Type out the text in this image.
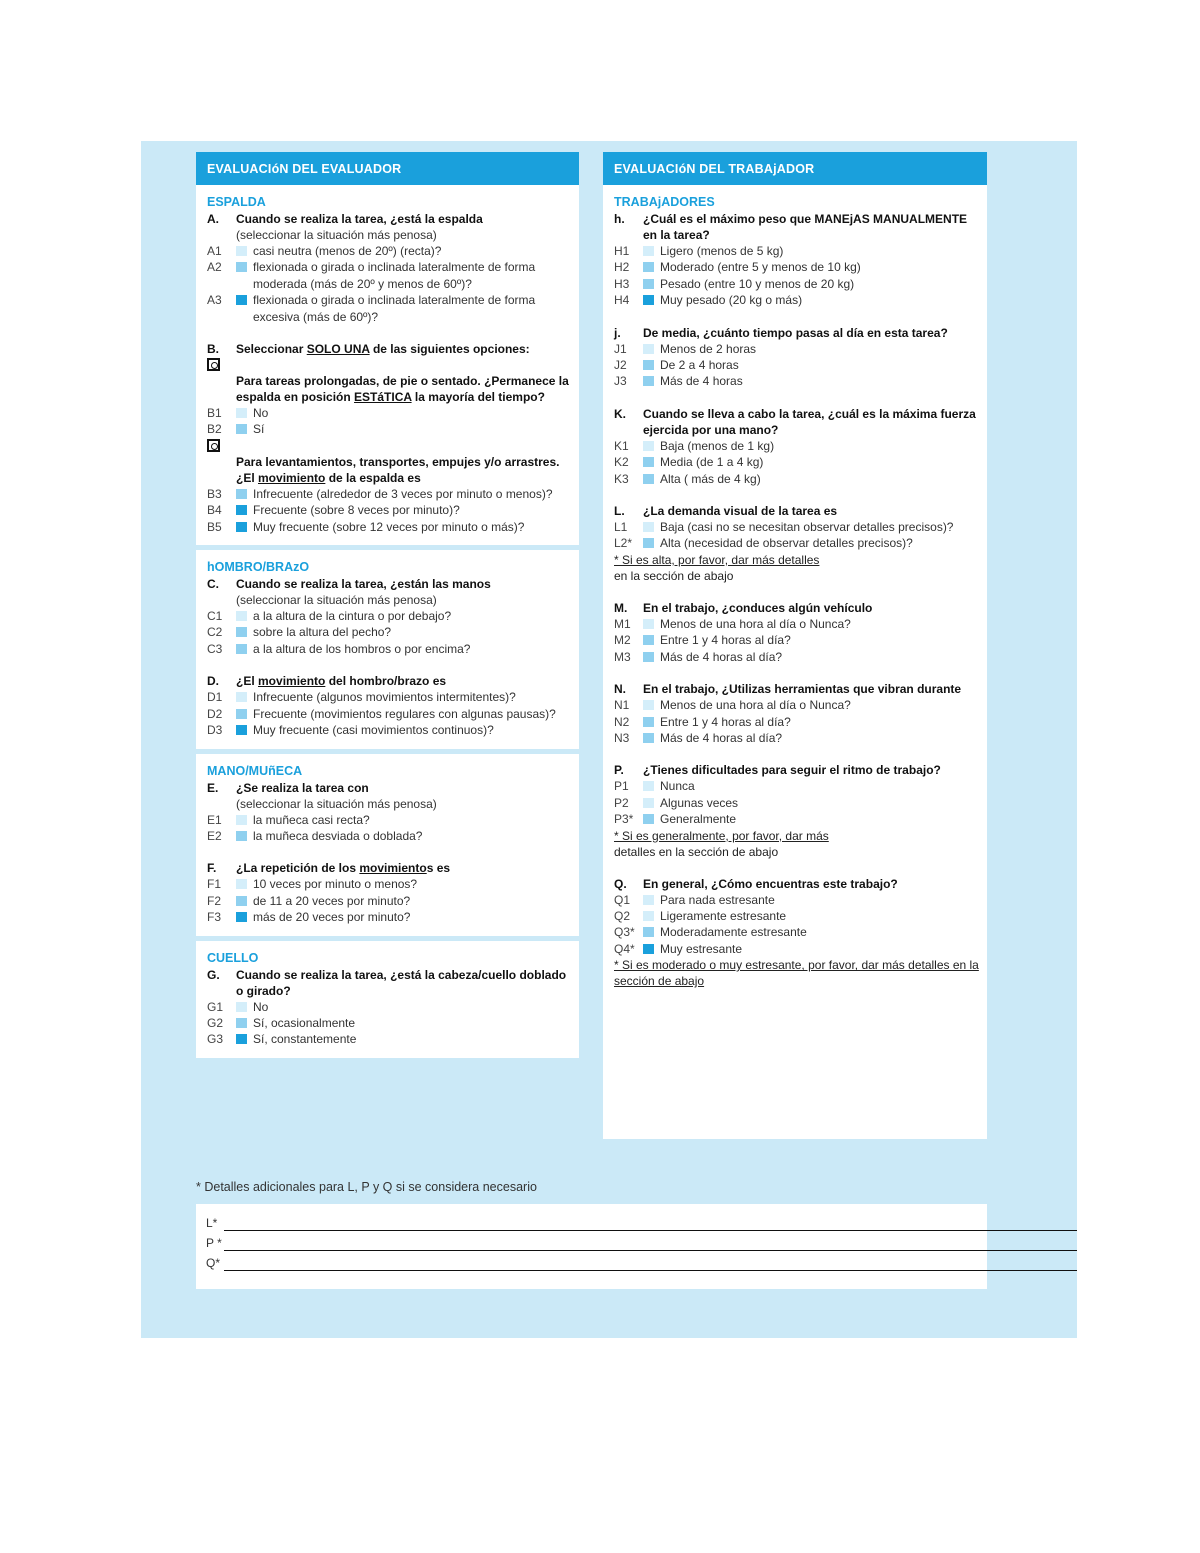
EVALUACIóN DEL EVALUADOR
ESPALDA
A.	Cuando se realiza la tarea, ¿está la espalda
(seleccionar la situación más penosa)
A1	casi neutra (menos de 20º) (recta)?
A2	flexionada o girada o inclinada lateralmente de forma moderada (más de 20º y menos de 60º)?
A3	flexionada o girada o inclinada lateralmente de forma excesiva (más de 60º)?
B.	Seleccionar SOLO UNA de las siguientes opciones:
Para tareas prolongadas, de pie o sentado. ¿Permanece la espalda en posición ESTáTICA la mayoría del tiempo?
B1	No
B2	Sí
Para levantamientos, transportes, empujes y/o arrastres. ¿El movimiento de la espalda es
B3	Infrecuente (alrededor de 3 veces por minuto o menos)?
B4	Frecuente (sobre 8 veces por minuto)?
B5	Muy frecuente (sobre 12 veces por minuto o más)?
hOMBRO/BRAzO
C.	Cuando se realiza la tarea, ¿están las manos
(seleccionar la situación más penosa)
C1	a la altura de la cintura o por debajo?
C2	sobre la altura del pecho?
C3	a la altura de los hombros o por encima?
D.	¿El movimiento del hombro/brazo es
D1	Infrecuente (algunos movimientos intermitentes)?
D2	Frecuente (movimientos regulares con algunas pausas)?
D3	Muy frecuente (casi movimientos continuos)?
MANO/MUñECA
E.	¿Se realiza la tarea con
(seleccionar la situación más penosa)
E1	la muñeca casi recta?
E2	la muñeca desviada o doblada?
F.	¿La repetición de los movimientos es
F1	10 veces por minuto o menos?
F2	de 11 a 20 veces por minuto?
F3	más de 20 veces por minuto?
CUELLO
G.	Cuando se realiza la tarea, ¿está la cabeza/cuello doblado o girado?
G1	No
G2	Sí, ocasionalmente
G3	Sí, constantemente
EVALUACIóN DEL TRABAjADOR
TRABAjADORES
h.	¿Cuál es el máximo peso que MANEjAS MANUALMENTE en la tarea?
H1	Ligero (menos de 5 kg)
H2	Moderado (entre 5 y menos de 10 kg)
H3	Pesado (entre 10 y menos de 20 kg)
H4	Muy pesado (20 kg o más)
j.	De media, ¿cuánto tiempo pasas al día en esta tarea?
J1	Menos de 2 horas
J2	De 2 a 4 horas
J3	Más de 4 horas
K.	Cuando se lleva a cabo la tarea, ¿cuál es la máxima fuerza ejercida por una mano?
K1	Baja (menos de 1 kg)
K2	Media (de 1 a 4 kg)
K3	Alta ( más de 4 kg)
L.	¿La demanda visual de la tarea es
L1	Baja (casi no se necesitan observar detalles precisos)?
L2*	Alta (necesidad de observar detalles precisos)?
* Si es alta, por favor, dar más detalles
en la sección de abajo
M.	En el trabajo, ¿conduces algún vehículo
M1	Menos de una hora al día o Nunca?
M2	Entre 1 y 4 horas al día?
M3	Más de 4 horas al día?
N.	En el trabajo, ¿Utilizas herramientas que vibran durante
N1	Menos de una hora al día o Nunca?
N2	Entre 1 y 4 horas al día?
N3	Más de 4 horas al día?
P.	¿Tienes dificultades para seguir el ritmo de trabajo?
P1	Nunca
P2	Algunas veces
P3*	Generalmente
* Si es generalmente, por favor, dar más
detalles en la sección de abajo
Q.	En general, ¿Cómo encuentras este trabajo?
Q1	Para nada estresante
Q2	Ligeramente estresante
Q3*	Moderadamente estresante
Q4*	Muy estresante
* Si es moderado o muy estresante, por favor, dar más detalles en la sección de abajo
* Detalles adicionales para L, P y Q si se considera necesario
L*
P *
Q*
